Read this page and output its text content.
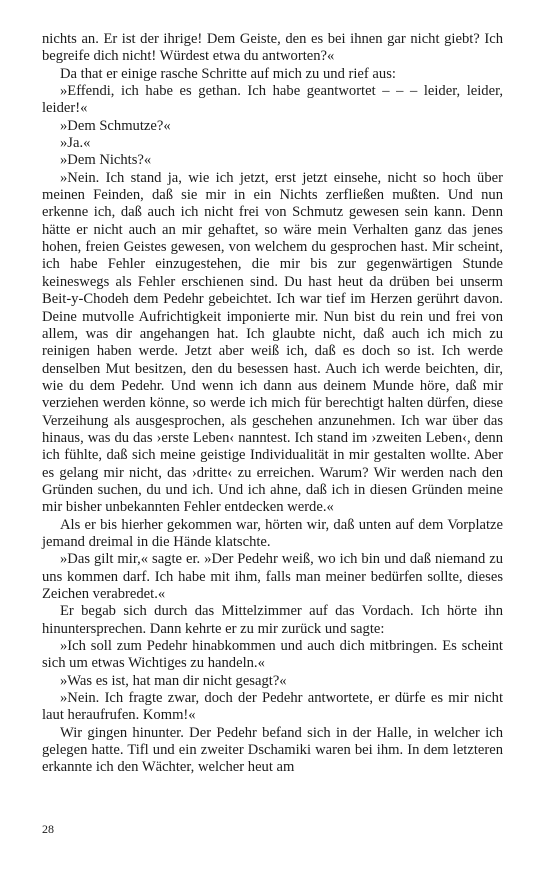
nichts an. Er ist der ihrige! Dem Geiste, den es bei ihnen gar nicht giebt? Ich begreife dich nicht! Würdest etwa du antworten?«

Da that er einige rasche Schritte auf mich zu und rief aus:

»Effendi, ich habe es gethan. Ich habe geantwortet – – – leider, leider, leider!«

»Dem Schmutze?«

»Ja.«

»Dem Nichts?«

»Nein. Ich stand ja, wie ich jetzt, erst jetzt einsehe, nicht so hoch über meinen Feinden, daß sie mir in ein Nichts zerfließen mußten. Und nun erkenne ich, daß auch ich nicht frei von Schmutz gewesen sein kann. Denn hätte er nicht auch an mir gehaftet, so wäre mein Verhalten ganz das jenes hohen, freien Geistes gewesen, von welchem du gesprochen hast. Mir scheint, ich habe Fehler einzugestehen, die mir bis zur gegenwärtigen Stunde keineswegs als Fehler erschienen sind. Du hast heut da drüben bei unserm Beit-y-Chodeh dem Pedehr gebeichtet. Ich war tief im Herzen gerührt davon. Deine mutvolle Aufrichtigkeit imponierte mir. Nun bist du rein und frei von allem, was dir angehangen hat. Ich glaubte nicht, daß auch ich mich zu reinigen haben werde. Jetzt aber weiß ich, daß es doch so ist. Ich werde denselben Mut besitzen, den du besessen hast. Auch ich werde beichten, dir, wie du dem Pedehr. Und wenn ich dann aus deinem Munde höre, daß mir verziehen werden könne, so werde ich mich für berechtigt halten dürfen, diese Verzeihung als ausgesprochen, als geschehen anzunehmen. Ich war über das hinaus, was du das ›erste Leben‹ nanntest. Ich stand im ›zweiten Leben‹, denn ich fühlte, daß sich meine geistige Individualität in mir gestalten wollte. Aber es gelang mir nicht, das ›dritte‹ zu erreichen. Warum? Wir werden nach den Gründen suchen, du und ich. Und ich ahne, daß ich in diesen Gründen meine mir bisher unbekannten Fehler entdecken werde.«

Als er bis hierher gekommen war, hörten wir, daß unten auf dem Vorplatze jemand dreimal in die Hände klatschte.

»Das gilt mir,« sagte er. »Der Pedehr weiß, wo ich bin und daß niemand zu uns kommen darf. Ich habe mit ihm, falls man meiner bedürfen sollte, dieses Zeichen verabredet.«

Er begab sich durch das Mittelzimmer auf das Vordach. Ich hörte ihn hinuntersprechen. Dann kehrte er zu mir zurück und sagte:

»Ich soll zum Pedehr hinabkommen und auch dich mitbringen. Es scheint sich um etwas Wichtiges zu handeln.«

»Was es ist, hat man dir nicht gesagt?«

»Nein. Ich fragte zwar, doch der Pedehr antwortete, er dürfe es mir nicht laut heraufrufen. Komm!«

Wir gingen hinunter. Der Pedehr befand sich in der Halle, in welcher ich gelegen hatte. Tifl und ein zweiter Dschamiki waren bei ihm. In dem letzteren erkannte ich den Wächter, welcher heut am

28
